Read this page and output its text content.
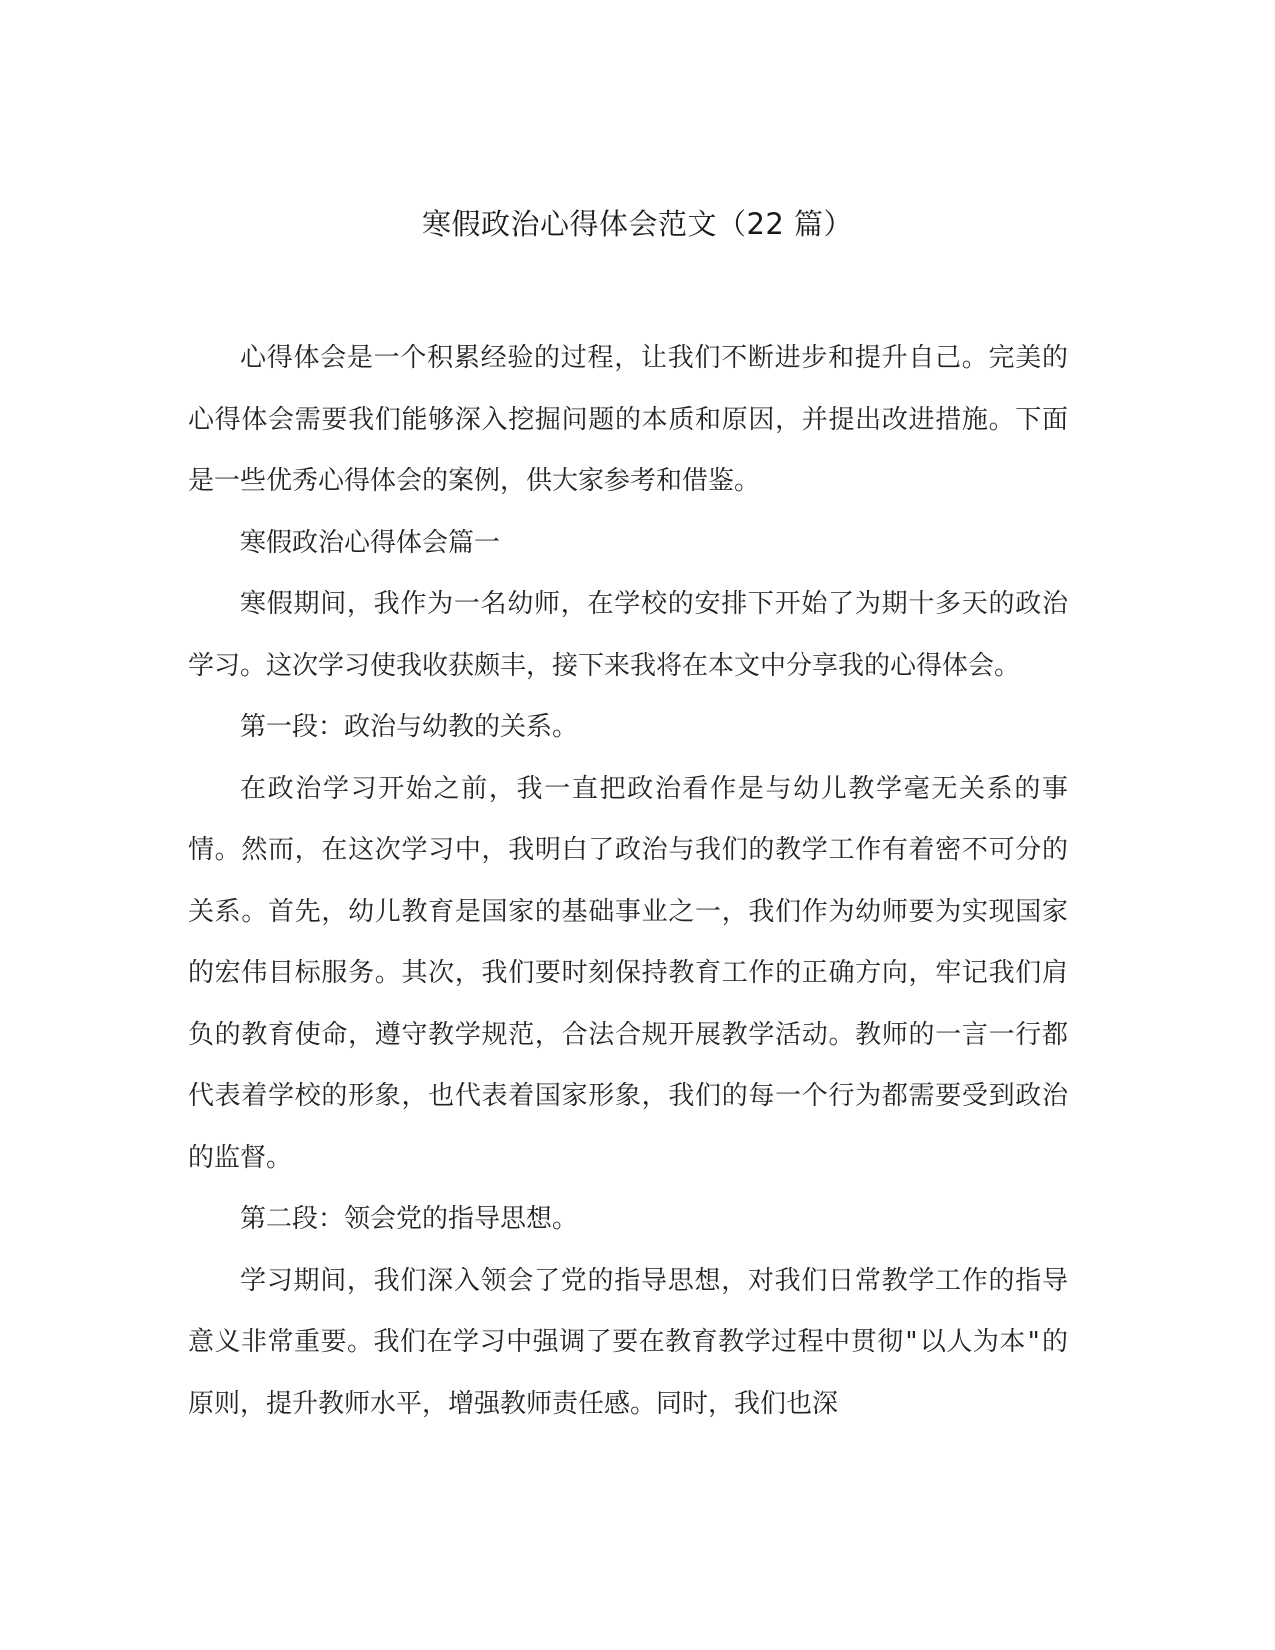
寒假政治心得体会范文（22 篇）

心得体会是一个积累经验的过程，让我们不断进步和提升自己。完美的心得体会需要我们能够深入挖掘问题的本质和原因，并提出改进措施。下面是一些优秀心得体会的案例，供大家参考和借鉴。

寒假政治心得体会篇一

寒假期间，我作为一名幼师，在学校的安排下开始了为期十多天的政治学习。这次学习使我收获颇丰，接下来我将在本文中分享我的心得体会。

第一段：政治与幼教的关系。

在政治学习开始之前，我一直把政治看作是与幼儿教学毫无关系的事情。然而，在这次学习中，我明白了政治与我们的教学工作有着密不可分的关系。首先，幼儿教育是国家的基础事业之一，我们作为幼师要为实现国家的宏伟目标服务。其次，我们要时刻保持教育工作的正确方向，牢记我们肩负的教育使命，遵守教学规范，合法合规开展教学活动。教师的一言一行都代表着学校的形象，也代表着国家形象，我们的每一个行为都需要受到政治的监督。

第二段：领会党的指导思想。

学习期间，我们深入领会了党的指导思想，对我们日常教学工作的指导意义非常重要。我们在学习中强调了要在教育教学过程中贯彻"以人为本"的原则，提升教师水平，增强教师责任感。同时，我们也深
